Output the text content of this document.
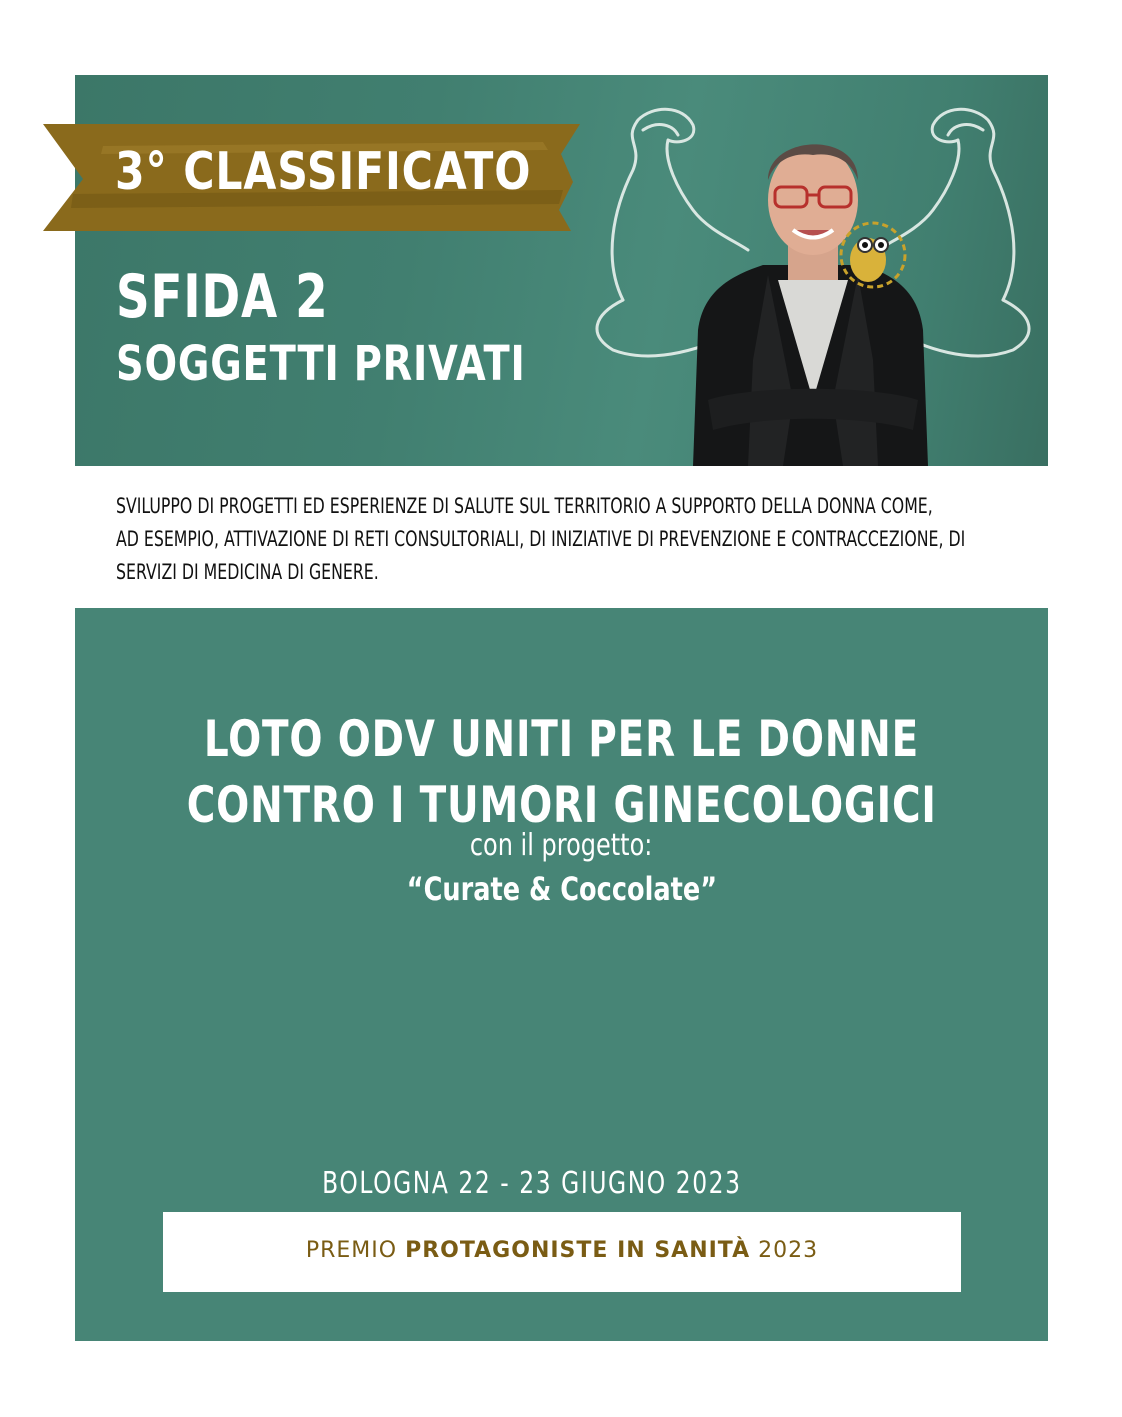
3° CLASSIFICATO
SFIDA 2
SOGGETTI PRIVATI

SVILUPPO DI PROGETTI ED ESPERIENZE DI SALUTE SUL TERRITORIO A SUPPORTO DELLA DONNA COME,

AD ESEMPIO, ATTIVAZIONE DI RETI CONSULTORIALI, DI INIZIATIVE DI PREVENZIONE E CONTRACCEZIONE, DI

SERVIZI DI MEDICINA DI GENERE.

LOTO ODV UNITI PER LE DONNE
CONTRO I TUMORI GINECOLOGICI
con il progetto:
“Curate & Coccolate”
BOLOGNA 22 - 23 GIUGNO 2023
PREMIO PROTAGONISTE IN SANITÀ 2023
